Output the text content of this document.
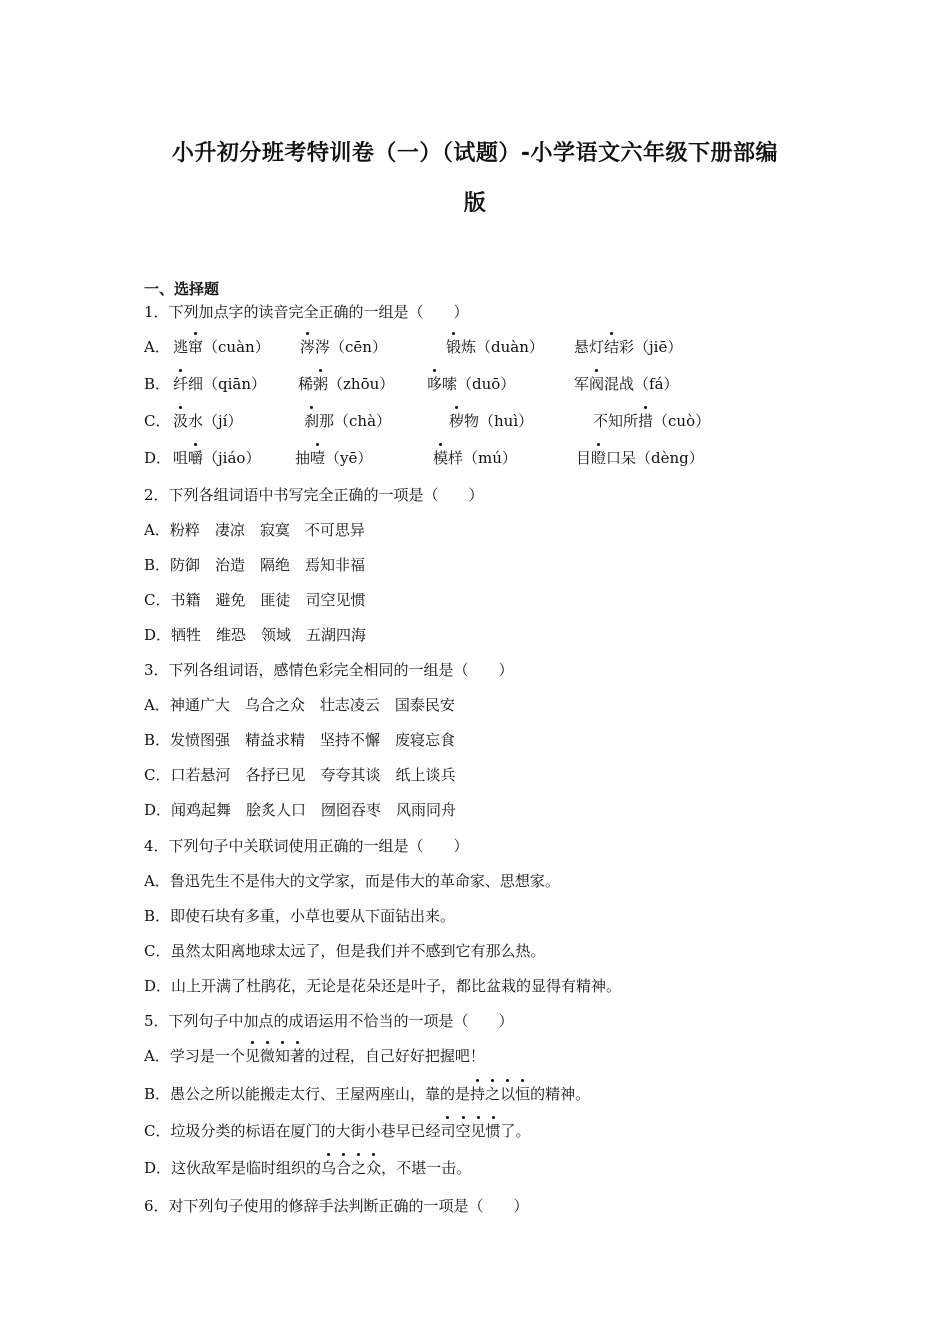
小升初分班考特训卷（一）（试题）-小学语文六年级下册部编
版
一、选择题
1．下列加点字的读音完全正确的一组是（　　）
A． 逃窜（cuàn） 涔涔（cēn）	锻炼（duàn） 悬灯结彩（jiē）
B． 纤细（qiān） 稀粥（zhōu） 哆嗦（duō）	军阀混战（fá）
C． 汲水（jí）	刹那（chà）	秽物（huì）	不知所措（cuò）
D． 咀嚼（jiáo） 抽噎（yē）	模样（mú）	目瞪口呆（dèng）
2．下列各组词语中书写完全正确的一项是（　　）
A．粉粹　凄凉　寂寞　不可思异
B．防御　治造　隔绝　焉知非福
C．书籍　避免　匪徒　司空见惯
D．牺牲　维恐　领域　五湖四海
3．下列各组词语，感情色彩完全相同的一组是（　　）
A．神通广大　乌合之众　壮志凌云　国泰民安
B．发愤图强　精益求精　坚持不懈　废寝忘食
C．口若悬河　各抒已见　夸夸其谈　纸上谈兵
D．闻鸡起舞　脍炙人口　囫囵吞枣　风雨同舟
4．下列句子中关联词使用正确的一组是（　　）
A．鲁迅先生不是伟大的文学家，而是伟大的革命家、思想家。
B．即使石块有多重，小草也要从下面钻出来。
C．虽然太阳离地球太远了，但是我们并不感到它有那么热。
D．山上开满了杜鹃花，无论是花朵还是叶子，都比盆栽的显得有精神。
5．下列句子中加点的成语运用不恰当的一项是（　　）
A．学习是一个见微知著的过程，自己好好把握吧！
B．愚公之所以能搬走太行、王屋两座山，靠的是持之以恒的精神。
C．垃圾分类的标语在厦门的大街小巷早已经司空见惯了。
D．这伙敌军是临时组织的乌合之众，不堪一击。
6．对下列句子使用的修辞手法判断正确的一项是（　　）
